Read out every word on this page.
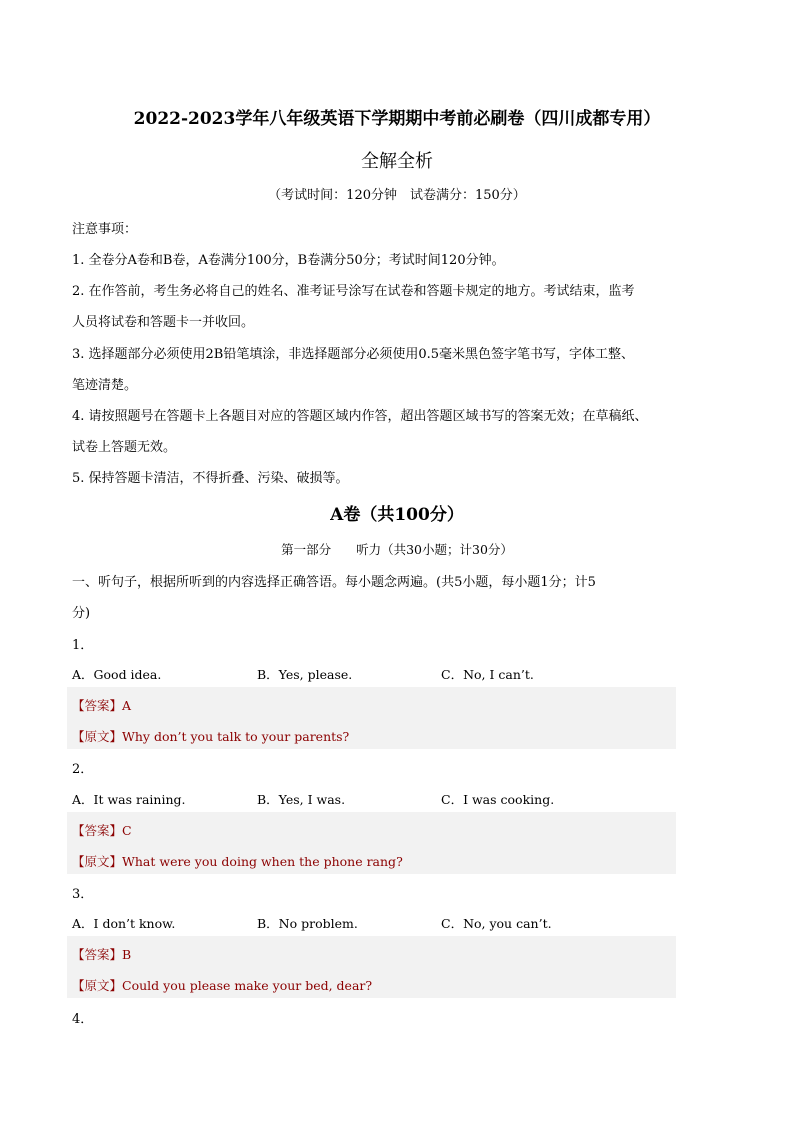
2022-2023学年八年级英语下学期期中考前必刷卷（四川成都专用）
全解全析
（考试时间：120分钟　试卷满分：150分）
注意事项：
1. 全卷分A卷和B卷，A卷满分100分，B卷满分50分；考试时间120分钟。
2. 在作答前，考生务必将自己的姓名、准考证号涂写在试卷和答题卡规定的地方。考试结束，监考
人员将试卷和答题卡一并收回。
3. 选择题部分必须使用2B铅笔填涂，非选择题部分必须使用0.5毫米黑色签字笔书写，字体工整、
笔迹清楚。
4. 请按照题号在答题卡上各题目对应的答题区域内作答，超出答题区域书写的答案无效；在草稿纸、
试卷上答题无效。
5. 保持答题卡清洁，不得折叠、污染、破损等。
A卷（共100分）
第一部分　　听力（共30小题；计30分）
一、听句子，根据所听到的内容选择正确答语。每小题念两遍。(共5小题，每小题1分；计5
分)
1．
A．Good idea.	B．Yes, please.	C．No, I can’t.
【答案】A
【原文】Why don’t you talk to your parents?
2．
A．It was raining.	B．Yes, I was.	C．I was cooking.
【答案】C
【原文】What were you doing when the phone rang?
3．
A．I don’t know.	B．No problem.	C．No, you can’t.
【答案】B
【原文】Could you please make your bed, dear?
4．
